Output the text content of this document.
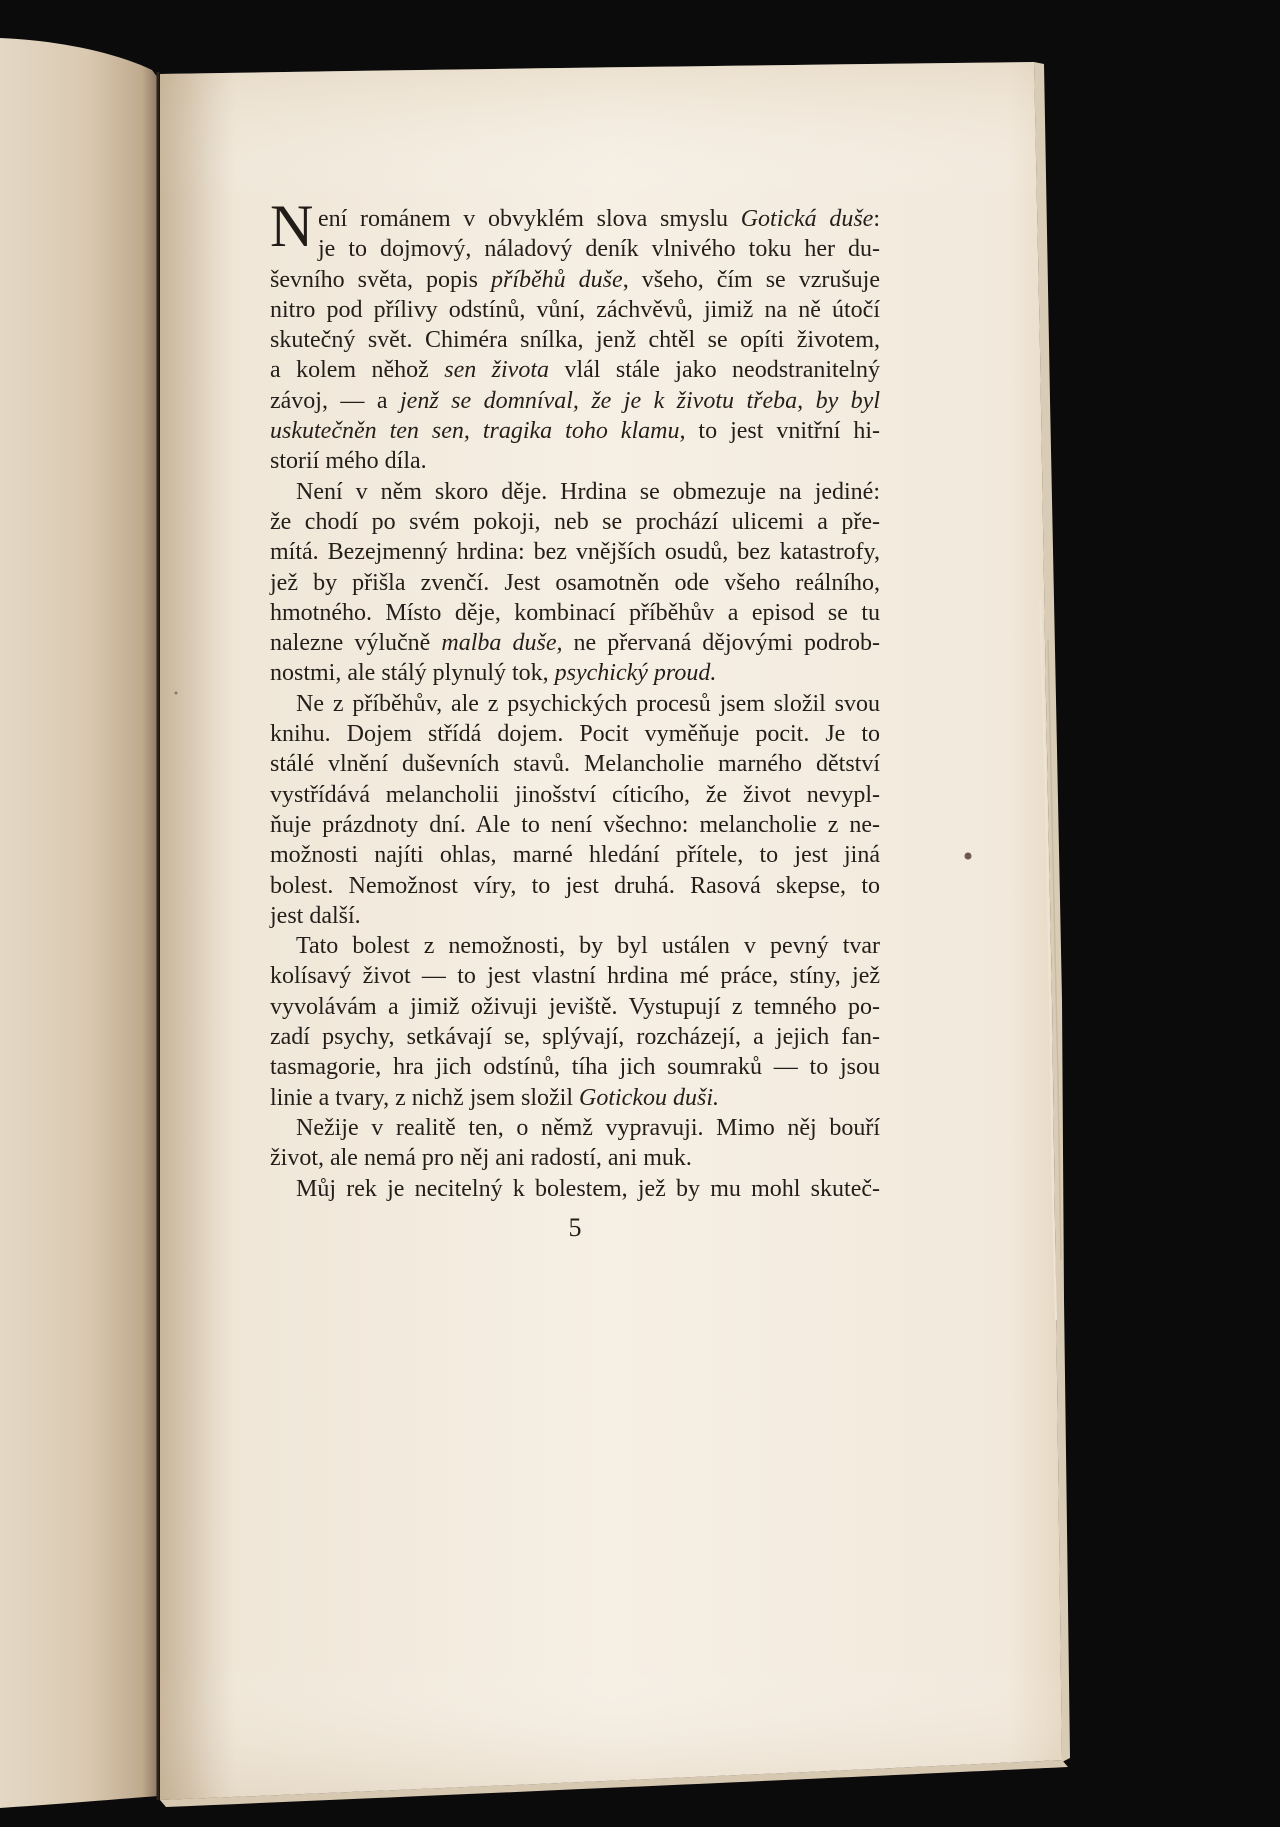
N ení románem v obvyklém slova smyslu Gotická duše:
je to dojmový, náladový deník vlnivého toku her du-
ševního světa, popis příběhů duše, všeho, čím se vzrušuje
nitro pod přílivy odstínů, vůní, záchvěvů, jimiž na ně útočí
skutečný svět. Chiméra snílka, jenž chtěl se opíti životem,
a kolem něhož sen života vlál stále jako neodstranitelný
závoj, — a jenž se domníval, že je k životu třeba, by byl
uskutečněn ten sen, tragika toho klamu, to jest vnitřní hi-
storií mého díla.
Není v něm skoro děje. Hrdina se obmezuje na jediné:
že chodí po svém pokoji, neb se prochází ulicemi a pře-
mítá. Bezejmenný hrdina: bez vnějších osudů, bez katastrofy,
jež by přišla zvenčí. Jest osamotněn ode všeho reálního,
hmotného. Místo děje, kombinací příběhův a episod se tu
nalezne výlučně malba duše, ne přervaná dějovými podrob-
nostmi, ale stálý plynulý tok, psychický proud.
Ne z příběhův, ale z psychických procesů jsem složil svou
knihu. Dojem střídá dojem. Pocit vyměňuje pocit. Je to
stálé vlnění duševních stavů. Melancholie marného dětství
vystřídává melancholii jinošství cíticího, že život nevypl-
ňuje prázdnoty dní. Ale to není všechno: melancholie z ne-
možnosti najíti ohlas, marné hledání přítele, to jest jiná
bolest. Nemožnost víry, to jest druhá. Rasová skepse, to
jest další.
Tato bolest z nemožnosti, by byl ustálen v pevný tvar
kolísavý život — to jest vlastní hrdina mé práce, stíny, jež
vyvolávám a jimiž oživuji jeviště. Vystupují z temného po-
zadí psychy, setkávají se, splývají, rozcházejí, a jejich fan-
tasmagorie, hra jich odstínů, tíha jich soumraků — to jsou
linie a tvary, z nichž jsem složil Gotickou duši.
Nežije v realitě ten, o němž vypravuji. Mimo něj bouří
život, ale nemá pro něj ani radostí, ani muk.
Můj rek je necitelný k bolestem, jež by mu mohl skuteč-
5
